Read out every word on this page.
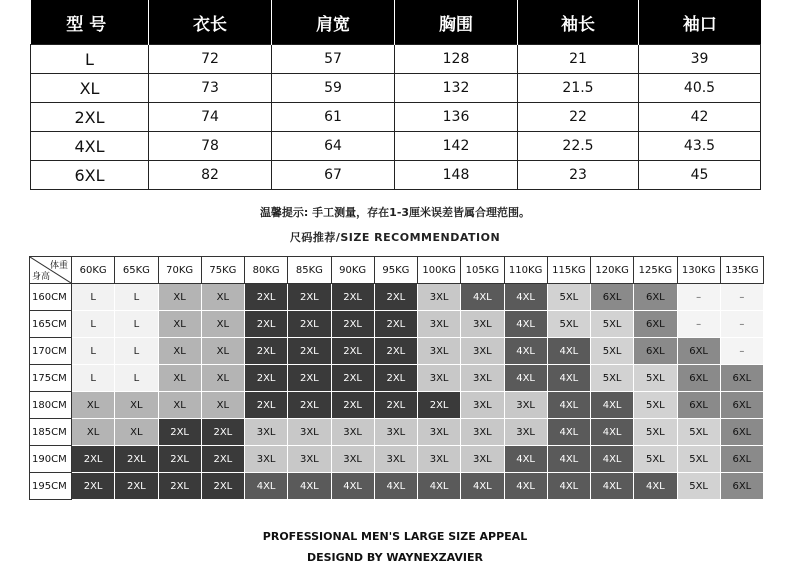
型号	衣长	肩宽	胸围	袖长	袖口
L	72	57	128	21	39
XL	73	59	132	21.5	40.5
2XL	74	61	136	22	42
4XL	78	64	142	22.5	43.5
6XL	82	67	148	23	45
温馨提示: 手工测量，存在1-3厘米误差皆属合理范围。
尺码推荐/SIZE RECOMMENDATION
体重
身高	60KG	65KG	70KG	75KG	80KG	85KG	90KG	95KG	100KG	105KG	110KG	115KG	120KG	125KG	130KG	135KG
160CM	L	L	XL	XL	2XL	2XL	2XL	2XL	3XL	4XL	4XL	5XL	6XL	6XL	–	–
165CM	L	L	XL	XL	2XL	2XL	2XL	2XL	3XL	3XL	4XL	5XL	5XL	6XL	–	–
170CM	L	L	XL	XL	2XL	2XL	2XL	2XL	3XL	3XL	4XL	4XL	5XL	6XL	6XL	–
175CM	L	L	XL	XL	2XL	2XL	2XL	2XL	3XL	3XL	4XL	4XL	5XL	5XL	6XL	6XL
180CM	XL	XL	XL	XL	2XL	2XL	2XL	2XL	2XL	3XL	3XL	4XL	4XL	5XL	6XL	6XL
185CM	XL	XL	2XL	2XL	3XL	3XL	3XL	3XL	3XL	3XL	3XL	4XL	4XL	5XL	5XL	6XL
190CM	2XL	2XL	2XL	2XL	3XL	3XL	3XL	3XL	3XL	3XL	4XL	4XL	4XL	5XL	5XL	6XL
195CM	2XL	2XL	2XL	2XL	4XL	4XL	4XL	4XL	4XL	4XL	4XL	4XL	4XL	4XL	5XL	6XL
PROFESSIONAL MEN'S LARGE SIZE APPEAL
DESIGND BY WAYNEXZAVIER
